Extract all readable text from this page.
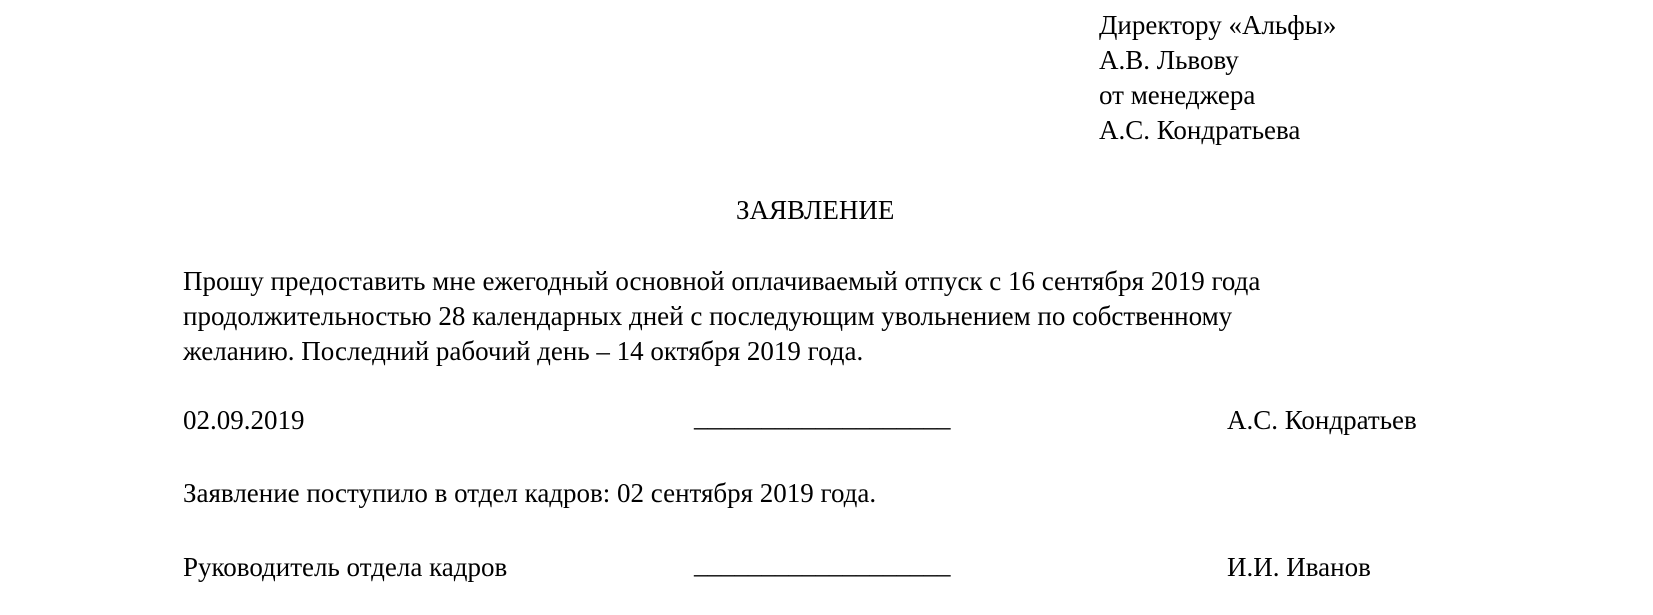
Директору «Альфы»
А.В. Львову
от менеджера
А.С. Кондратьева
ЗАЯВЛЕНИЕ
Прошу предоставить мне ежегодный основной оплачиваемый отпуск с 16 сентября 2019 года
продолжительностью 28 календарных дней с последующим увольнением по собственному
желанию. Последний рабочий день – 14 октября 2019 года.
02.09.2019	___________________	А.С. Кондратьев
Заявление поступило в отдел кадров: 02 сентября 2019 года.
Руководитель отдела кадров	___________________	И.И. Иванов
